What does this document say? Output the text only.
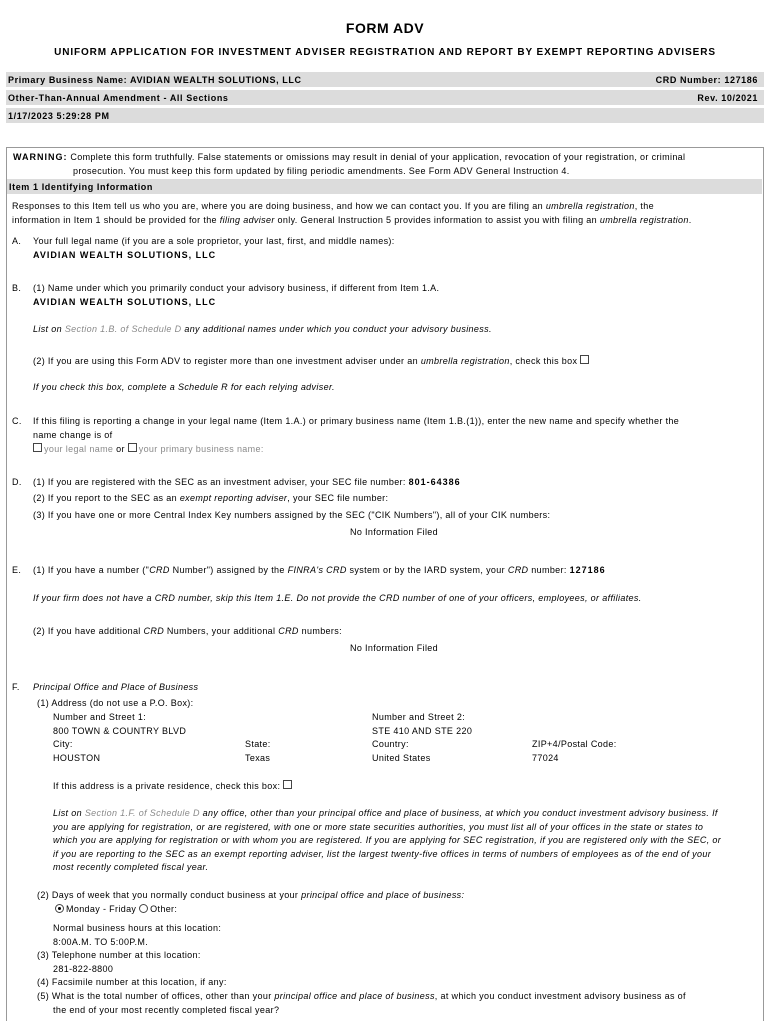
FORM ADV
UNIFORM APPLICATION FOR INVESTMENT ADVISER REGISTRATION AND REPORT BY EXEMPT REPORTING ADVISERS
Primary Business Name: AVIDIAN WEALTH SOLUTIONS, LLC	CRD Number: 127186
Other-Than-Annual Amendment - All Sections	Rev. 10/2021
1/17/2023 5:29:28 PM
WARNING: Complete this form truthfully. False statements or omissions may result in denial of your application, revocation of your registration, or criminal
prosecution. You must keep this form updated by filing periodic amendments. See Form ADV General Instruction 4.
Item 1 Identifying Information
Responses to this Item tell us who you are, where you are doing business, and how we can contact you. If you are filing an umbrella registration, the
information in Item 1 should be provided for the filing adviser only. General Instruction 5 provides information to assist you with filing an umbrella registration.
A. Your full legal name (if you are a sole proprietor, your last, first, and middle names):
AVIDIAN WEALTH SOLUTIONS, LLC
B. (1) Name under which you primarily conduct your advisory business, if different from Item 1.A.
AVIDIAN WEALTH SOLUTIONS, LLC
List on Section 1.B. of Schedule D any additional names under which you conduct your advisory business.
(2) If you are using this Form ADV to register more than one investment adviser under an umbrella registration, check this box
If you check this box, complete a Schedule R for each relying adviser.
C. If this filing is reporting a change in your legal name (Item 1.A.) or primary business name (Item 1.B.(1)), enter the new name and specify whether the
name change is of
your legal name or your primary business name:
D. (1) If you are registered with the SEC as an investment adviser, your SEC file number: 801-64386
(2) If you report to the SEC as an exempt reporting adviser, your SEC file number:
(3) If you have one or more Central Index Key numbers assigned by the SEC ("CIK Numbers"), all of your CIK numbers:
No Information Filed
E. (1) If you have a number ("CRD Number") assigned by the FINRA's CRD system or by the IARD system, your CRD number: 127186
If your firm does not have a CRD number, skip this Item 1.E. Do not provide the CRD number of one of your officers, employees, or affiliates.
(2) If you have additional CRD Numbers, your additional CRD numbers:
No Information Filed
F. Principal Office and Place of Business
(1) Address (do not use a P.O. Box):
Number and Street 1:
800 TOWN & COUNTRY BLVD
Number and Street 2:
STE 410 AND STE 220
City:
HOUSTON
State:
Texas
Country:
United States
ZIP+4/Postal Code:
77024
If this address is a private residence, check this box:
List on Section 1.F. of Schedule D any office, other than your principal office and place of business, at which you conduct investment advisory business. If
you are applying for registration, or are registered, with one or more state securities authorities, you must list all of your offices in the state or states to
which you are applying for registration or with whom you are registered. If you are applying for SEC registration, if you are registered only with the SEC, or
if you are reporting to the SEC as an exempt reporting adviser, list the largest twenty-five offices in terms of numbers of employees as of the end of your
most recently completed fiscal year.
(2) Days of week that you normally conduct business at your principal office and place of business:
Monday - Friday Other:
Normal business hours at this location:
8:00A.M. TO 5:00P.M.
(3) Telephone number at this location:
281-822-8800
(4) Facsimile number at this location, if any:
(5) What is the total number of offices, other than your principal office and place of business, at which you conduct investment advisory business as of
the end of your most recently completed fiscal year?
